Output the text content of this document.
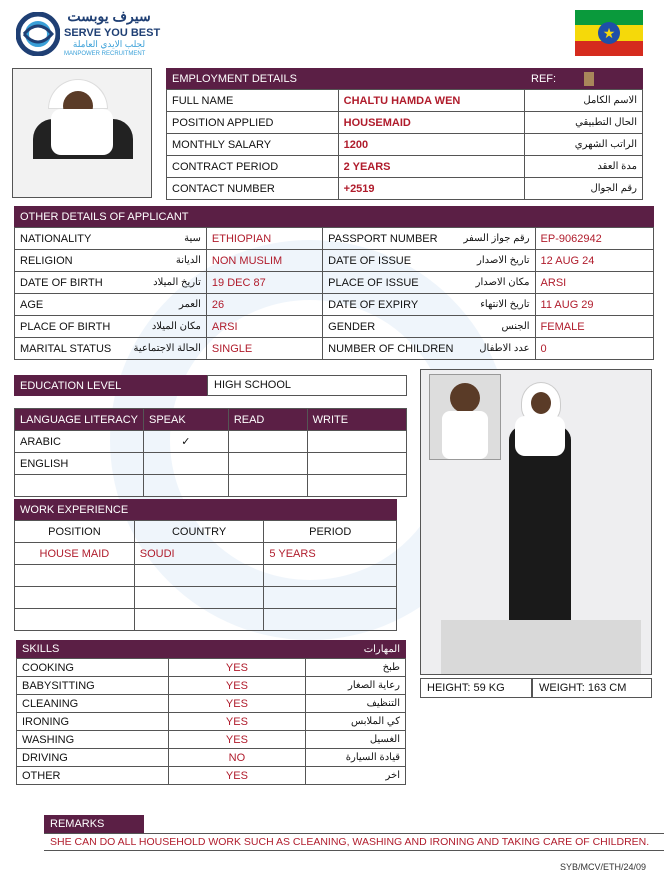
سيرف يوبست
SERVE YOU BEST
لجلب الايدي العاملة
MANPOWER RECRUITMENT
★
EMPLOYMENT DETAILS	REF:
FULL NAME	CHALTU HAMDA WEN	الاسم الكامل
POSITION APPLIED	HOUSEMAID	الحال التطبيقي
MONTHLY SALARY	1200	الراتب الشهري
CONTRACT PERIOD	2 YEARS	مدة العقد
CONTACT NUMBER	+2519	رقم الجوال
OTHER DETAILS OF APPLICANT
NATIONALITY	سية	ETHIOPIAN	PASSPORT NUMBER	رقم جواز السفر	EP-9062942
RELIGION	الديانة	NON MUSLIM	DATE OF ISSUE	تاريخ الاصدار	12 AUG 24
DATE OF BIRTH	تاريخ الميلاد	19 DEC 87	PLACE OF ISSUE	مكان الاصدار	ARSI
AGE	العمر	26	DATE OF EXPIRY	تاريخ الانتهاء	11 AUG 29
PLACE OF BIRTH	مكان الميلاد	ARSI	GENDER	الجنس	FEMALE
MARITAL STATUS	الحالة الاجتماعية	SINGLE	NUMBER OF CHILDREN	عدد الاطفال	0
EDUCATION LEVEL	HIGH SCHOOL
LANGUAGE LITERACY	SPEAK	READ	WRITE
ARABIC	✓		
ENGLISH			

WORK EXPERIENCE
POSITION	COUNTRY	PERIOD
HOUSE MAID	SOUDI	5 YEARS

HEIGHT: 59 KG	WEIGHT: 163 CM
SKILLS	المهارات
COOKING	YES	طبخ
BABYSITTING	YES	رعاية الصغار
CLEANING	YES	التنظيف
IRONING	YES	كي الملابس
WASHING	YES	الغسيل
DRIVING	NO	قيادة السيارة
OTHER	YES	اخر
REMARKS
SHE CAN DO ALL HOUSEHOLD WORK SUCH AS CLEANING, WASHING AND IRONING AND TAKING CARE OF CHILDREN.
SYB/MCV/ETH/24/09
